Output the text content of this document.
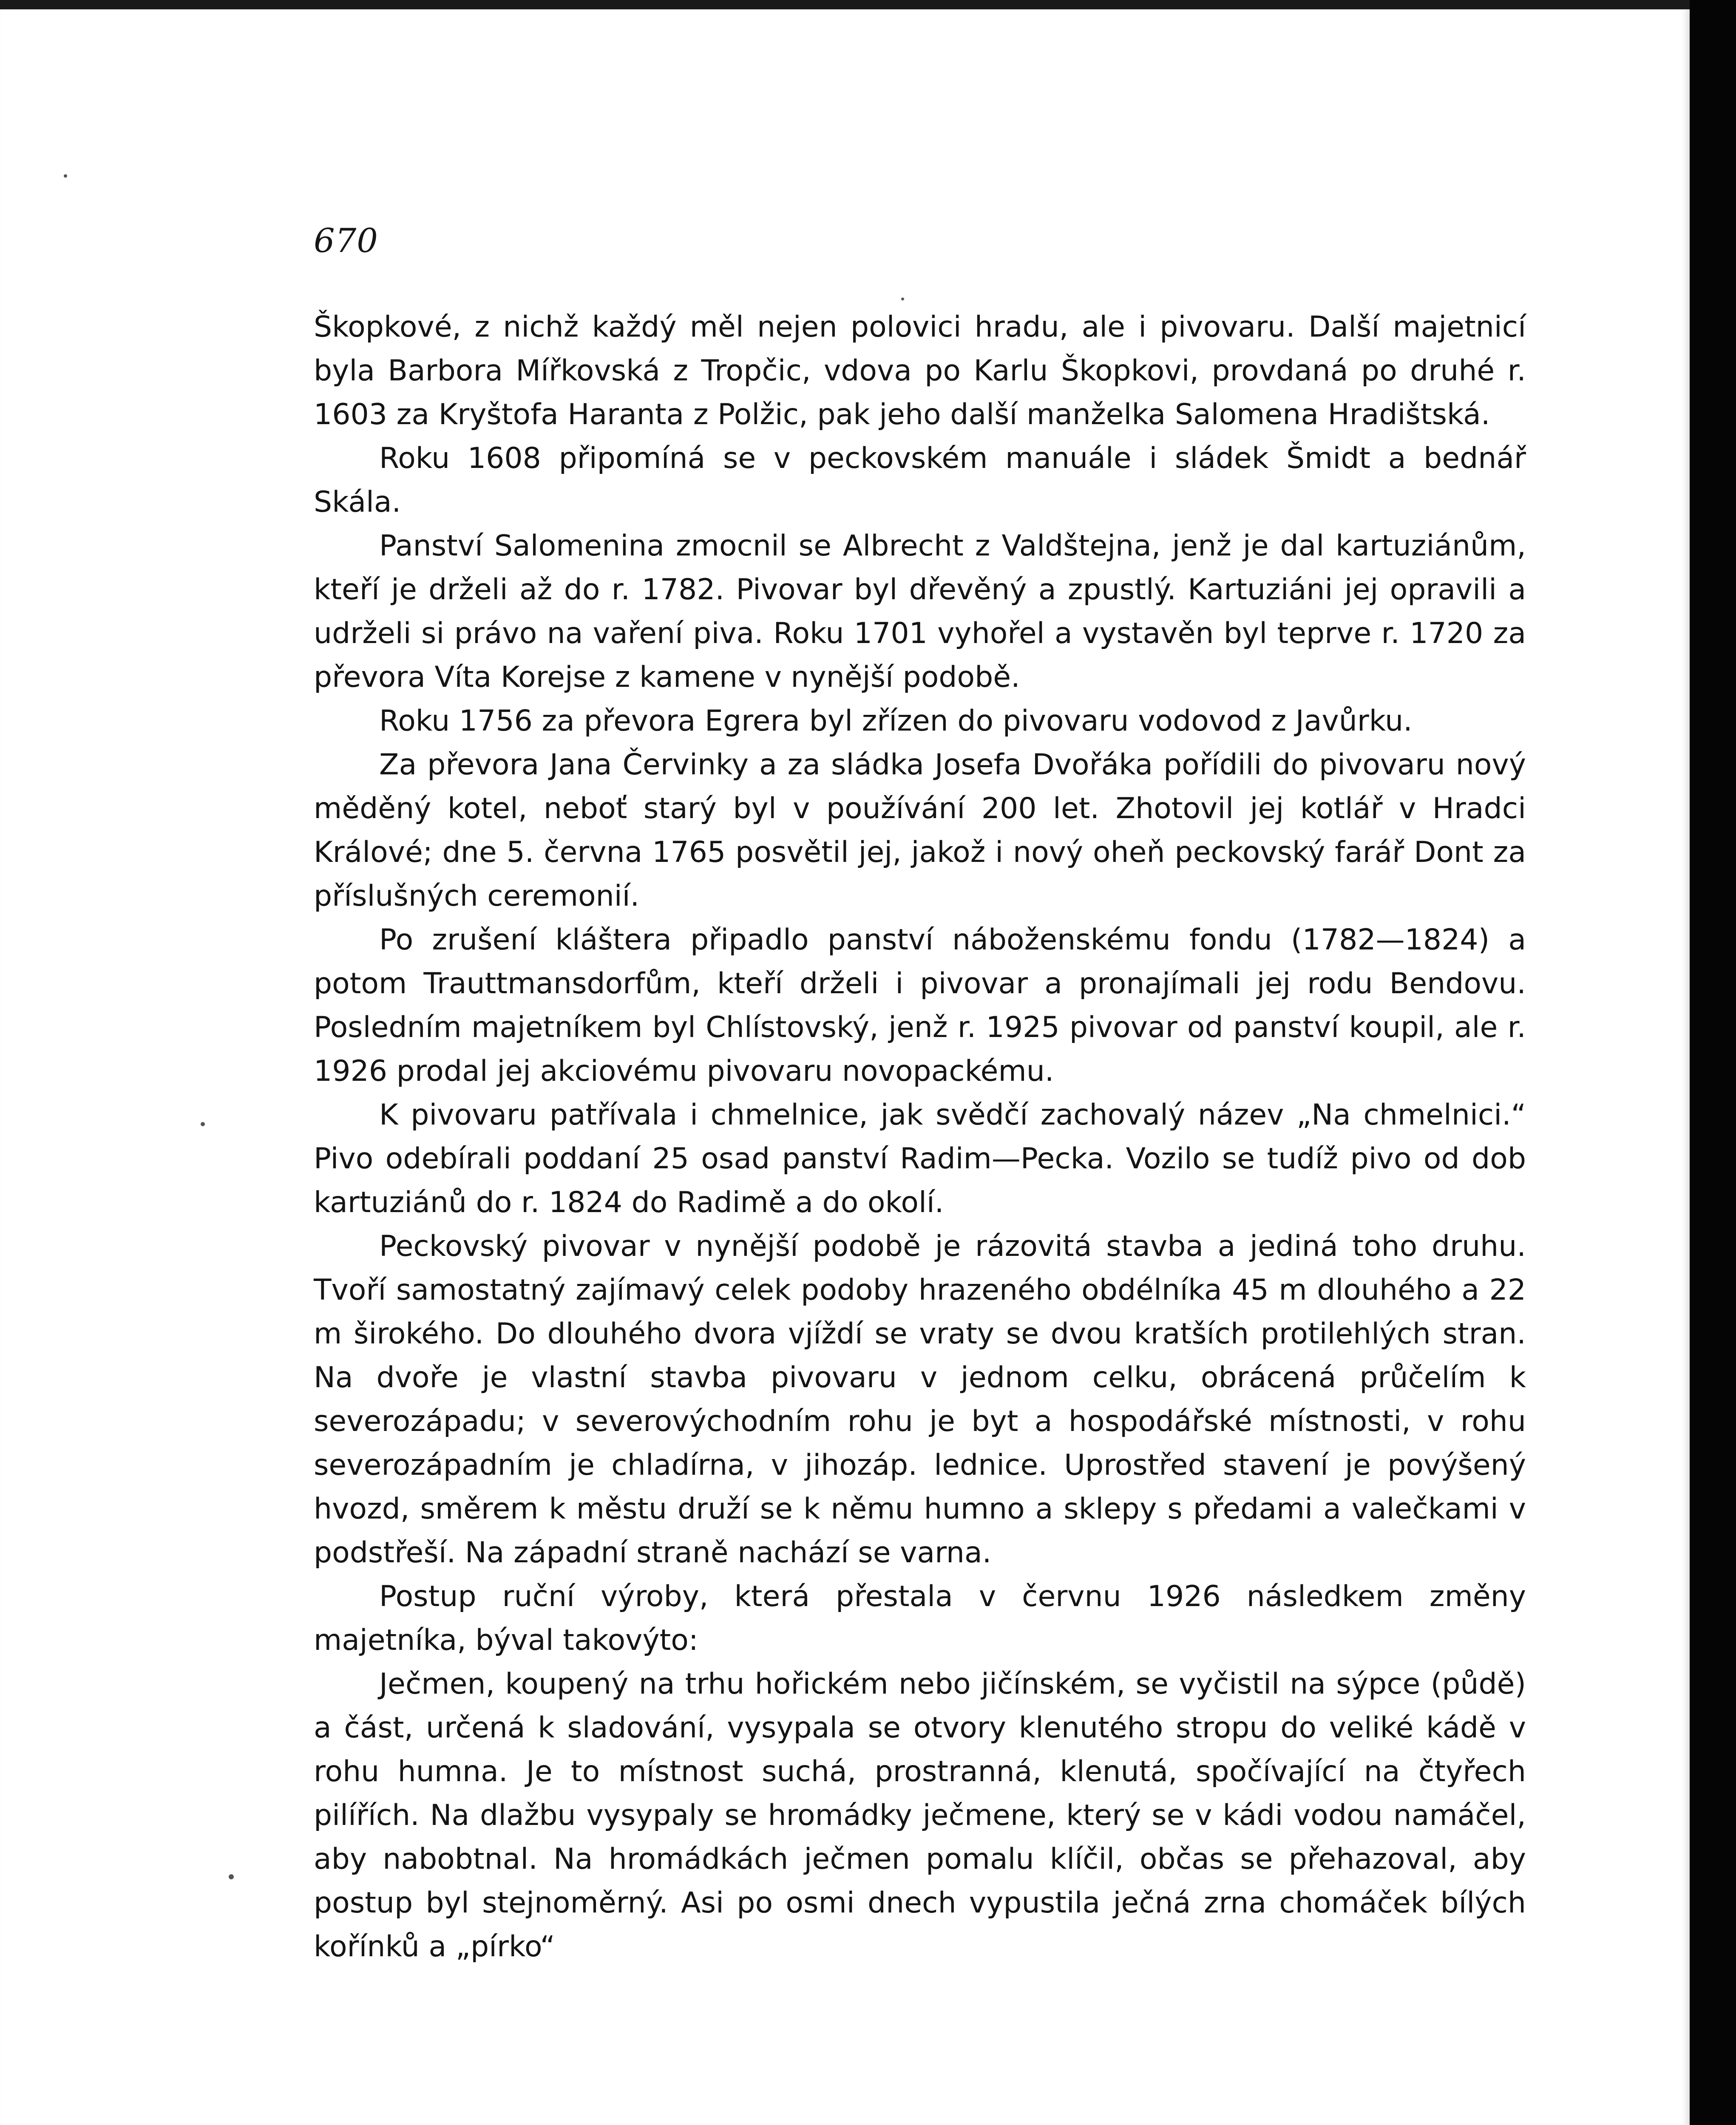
670

Škopkové, z nichž každý měl nejen polovici hradu, ale i pivovaru. Další majetnicí byla Barbora Mířkovská z Tropčic, vdova po Karlu Škopkovi, provdaná po druhé r. 1603 za Kryštofa Haranta z Polžic, pak jeho další manželka Salomena Hradištská.

Roku 1608 připomíná se v peckovském manuále i sládek Šmidt a bednář Skála.

Panství Salomenina zmocnil se Albrecht z Valdštejna, jenž je dal kartuziánům, kteří je drželi až do r. 1782. Pivovar byl dřevěný a zpustlý. Kartuziáni jej opravili a udrželi si právo na vaření piva. Roku 1701 vyhořel a vystavěn byl teprve r. 1720 za převora Víta Korejse z kamene v nynější podobě.

Roku 1756 za převora Egrera byl zřízen do pivovaru vodovod z Javůrku.

Za převora Jana Červinky a za sládka Josefa Dvořáka pořídili do pivovaru nový měděný kotel, neboť starý byl v používání 200 let. Zhotovil jej kotlář v Hradci Králové; dne 5. června 1765 posvětil jej, jakož i nový oheň peckovský farář Dont za příslušných ceremonií.

Po zrušení kláštera připadlo panství náboženskému fondu (1782—1824) a potom Trauttmansdorfům, kteří drželi i pivovar a pronajímali jej rodu Bendovu. Posledním majetníkem byl Chlístovský, jenž r. 1925 pivovar od panství koupil, ale r. 1926 prodal jej akciovému pivovaru novopackému.

K pivovaru patřívala i chmelnice, jak svědčí zachovalý název „Na chmelnici.“ Pivo odebírali poddaní 25 osad panství Radim—Pecka. Vozilo se tudíž pivo od dob kartuziánů do r. 1824 do Radimě a do okolí.

Peckovský pivovar v nynější podobě je rázovitá stavba a jediná toho druhu. Tvoří samostatný zajímavý celek podoby hrazeného obdélníka 45 m dlouhého a 22 m širokého. Do dlouhého dvora vjíždí se vraty se dvou kratších protilehlých stran. Na dvoře je vlastní stavba pivovaru v jednom celku, obrácená průčelím k severozápadu; v severovýchodním rohu je byt a hospodářské místnosti, v rohu severozápadním je chladírna, v jihozáp. lednice. Uprostřed stavení je povýšený hvozd, směrem k městu druží se k němu humno a sklepy s předami a valečkami v podstřeší. Na západní straně nachází se varna.

Postup ruční výroby, která přestala v červnu 1926 následkem změny majetníka, býval takovýto:

Ječmen, koupený na trhu hořickém nebo jičínském, se vyčistil na sýpce (půdě) a část, určená k sladování, vysypala se otvory klenutého stropu do veliké kádě v rohu humna. Je to místnost suchá, prostranná, klenutá, spočívající na čtyřech pilířích. Na dlažbu vysypaly se hromádky ječmene, který se v kádi vodou namáčel, aby nabobtnal. Na hromádkách ječmen pomalu klíčil, občas se přehazoval, aby postup byl stejnoměrný. Asi po osmi dnech vypustila ječná zrna chomáček bílých kořínků a „pírko“
